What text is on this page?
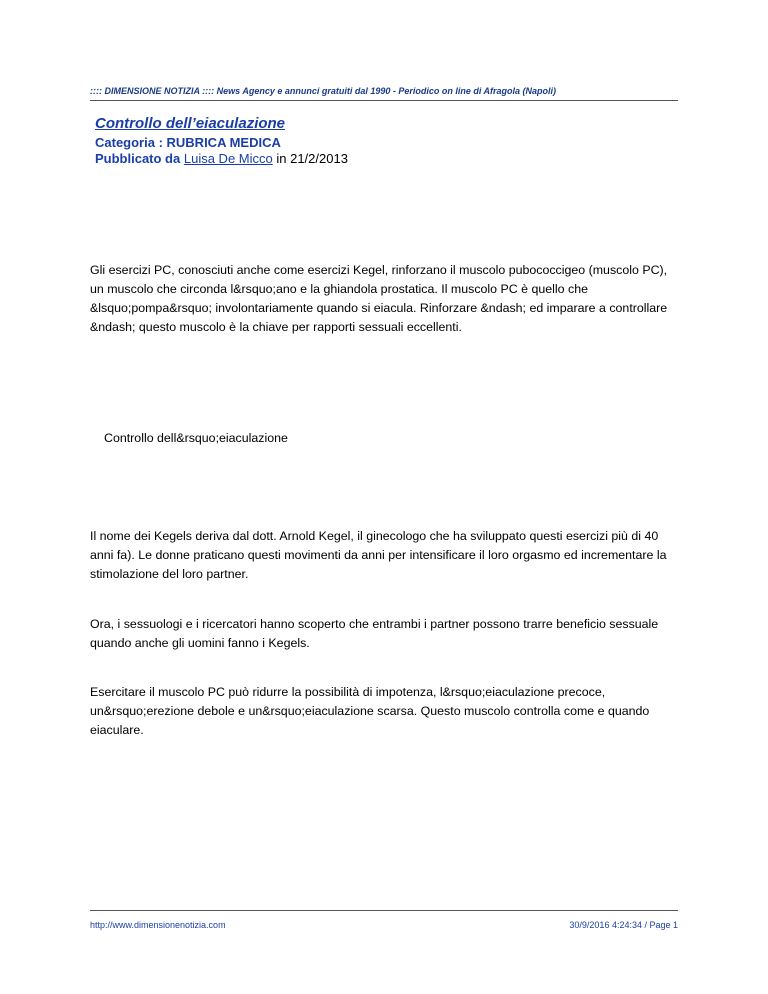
:::: DIMENSIONE NOTIZIA :::: News Agency e annunci gratuiti dal 1990 - Periodico on line di Afragola (Napoli)
Controllo dell’eiaculazione
Categoria : RUBRICA MEDICA
Pubblicato da Luisa De Micco in 21/2/2013
Gli esercizi PC, conosciuti anche come esercizi Kegel, rinforzano il muscolo pubococcigeo (muscolo PC), un muscolo che circonda l&rsquo;ano e la ghiandola prostatica. Il muscolo PC è quello che &lsquo;pompa&rsquo; involontariamente quando si eiacula. Rinforzare &ndash; ed imparare a controllare &ndash; questo muscolo è la chiave per rapporti sessuali eccellenti.
Controllo dell&rsquo;eiaculazione
Il nome dei Kegels deriva dal dott. Arnold Kegel, il ginecologo che ha sviluppato questi esercizi più di 40 anni fa). Le donne praticano questi movimenti da anni per intensificare il loro orgasmo ed incrementare la stimolazione del loro partner.
Ora, i sessuologi e i ricercatori hanno scoperto che entrambi i partner possono trarre beneficio sessuale quando anche gli uomini fanno i Kegels.
Esercitare il muscolo PC può ridurre la possibilità di impotenza, l&rsquo;eiaculazione precoce, un&rsquo;erezione debole e un&rsquo;eiaculazione scarsa. Questo muscolo controlla come e quando eiaculare.
http://www.dimensionenotizia.com	30/9/2016 4:24:34 / Page 1
